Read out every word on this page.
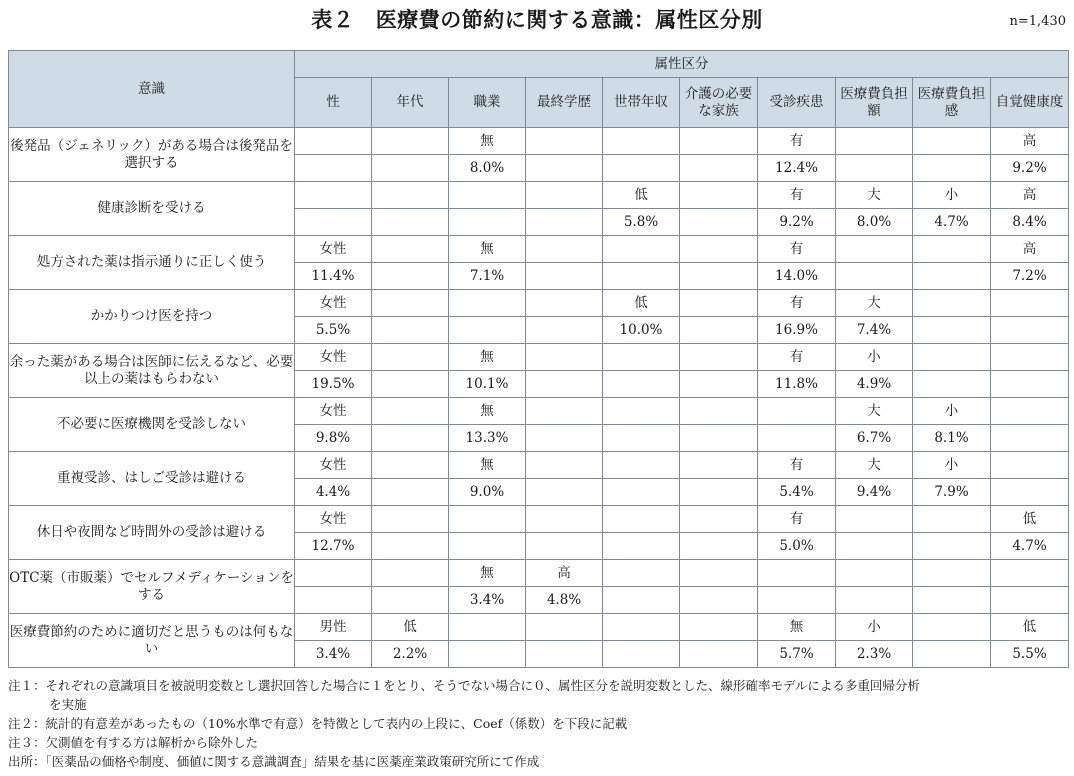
表２　医療費の節約に関する意識：属性区分別	n=1,430
意識	属性区分									
	性	年代	職業	最終学歴	世帯年収	介護の必要な家族	受診疾患	医療費負担額	医療費負担感	自覚健康度
後発品（ジェネリック）がある場合は後発品を選択する			無				有			高
			8.0%				12.4%			9.2%
健康診断を受ける					低		有	大	小	高
					5.8%		9.2%	8.0%	4.7%	8.4%
処方された薬は指示通りに正しく使う	女性		無				有			高
	11.4%		7.1%				14.0%			7.2%
かかりつけ医を持つ	女性				低		有	大		
	5.5%				10.0%		16.9%	7.4%		
余った薬がある場合は医師に伝えるなど、必要以上の薬はもらわない	女性		無				有	小		
	19.5%		10.1%				11.8%	4.9%		
不必要に医療機関を受診しない	女性		無					大	小	
	9.8%		13.3%					6.7%	8.1%	
重複受診、はしご受診は避ける	女性		無				有	大	小	
	4.4%		9.0%				5.4%	9.4%	7.9%	
休日や夜間など時間外の受診は避ける	女性						有			低
	12.7%						5.0%			4.7%
OTC薬（市販薬）でセルフメディケーションをする			無	高						
			3.4%	4.8%						
医療費節約のために適切だと思うものは何もない	男性	低					無	小		低
	3.4%	2.2%					5.7%	2.3%		5.5%
注１：それぞれの意識項目を被説明変数とし選択回答した場合に１をとり、そうでない場合に０、属性区分を説明変数とした、線形確率モデルによる多重回帰分析
を実施
注２：統計的有意差があったもの（10%水準で有意）を特徴として表内の上段に、Coef（係数）を下段に記載
注３：欠測値を有する方は解析から除外した
出所：「医薬品の価格や制度、価値に関する意識調査」結果を基に医薬産業政策研究所にて作成
